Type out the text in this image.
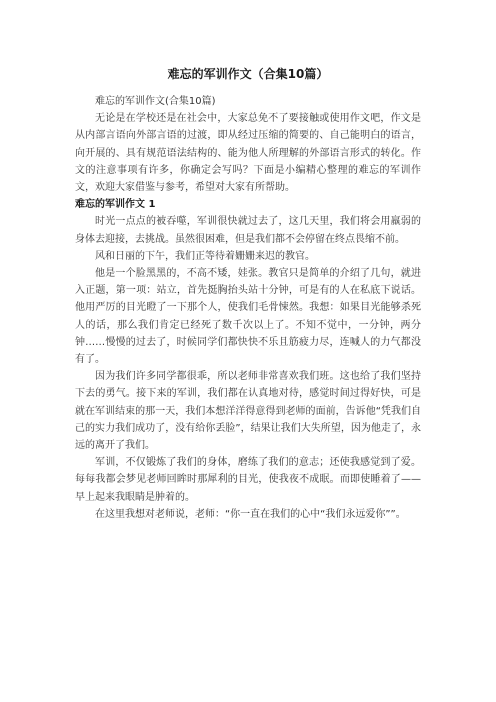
难忘的军训作文（合集10篇）

难忘的军训作文(合集10篇)

无论是在学校还是在社会中，大家总免不了要接触或使用作文吧，作文是从内部言语向外部言语的过渡，即从经过压缩的简要的、自己能明白的语言，向开展的、具有规范语法结构的、能为他人所理解的外部语言形式的转化。作文的注意事项有许多，你确定会写吗？下面是小编精心整理的难忘的军训作文，欢迎大家借鉴与参考，希望对大家有所帮助。

难忘的军训作文 1

时光一点点的被吞噬，军训很快就过去了，这几天里，我们将会用羸弱的身体去迎接，去挑战。虽然很困难，但是我们都不会停留在终点畏缩不前。

风和日丽的下午，我们正等待着姗姗来迟的教官。

他是一个脸黑黑的，不高不矮，娃张。教官只是简单的介绍了几句，就进入正题，第一项：站立，首先挺胸抬头站十分钟，可是有的人在私底下说话。他用严厉的目光瞪了一下那个人，使我们毛骨悚然。我想：如果目光能够杀死人的话，那么我们肯定已经死了数千次以上了。不知不觉中，一分钟，两分钟……慢慢的过去了，时候同学们都快快不乐且筋疲力尽，连喊人的力气都没有了。

因为我们许多同学都很乖，所以老师非常喜欢我们班。这也给了我们坚持下去的勇气。接下来的军训，我们都在认真地对待，感觉时间过得好快，可是就在军训结束的那一天，我们本想洋洋得意得到老师的面前，告诉他“凭我们自己的实力我们成功了，没有给你丢脸”，结果让我们大失所望，因为他走了，永远的离开了我们。

军训，不仅锻炼了我们的身体，磨练了我们的意志；还使我感觉到了爱。每每我都会梦见老师回眸时那犀利的目光，使我夜不成眠。而即使睡着了——早上起来我眼睛是肿着的。

在这里我想对老师说，老师：“你一直在我们的心中“我们永远爱你””。
